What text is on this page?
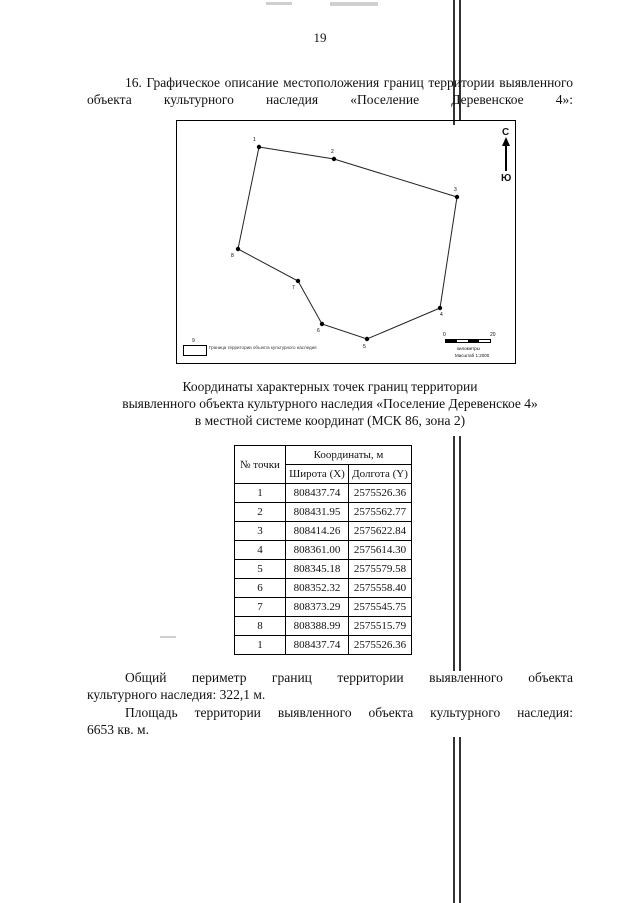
19
16. Графическое описание местоположения границ территории выявленного объекта культурного наследия «Поселение Деревенское 4»:
1
2
3
4
5
6
7
8
С
Ю
9
Граница территории объекта культурного наследия
0	20
километры
Масштаб 1:2000
Координаты характерных точек границ территории
выявленного объекта культурного наследия «Поселение Деревенское 4»
в местной системе координат (МСК 86, зона 2)
№ точки	Координаты, м	
	Широта (X)	Долгота (Y)
1	808437.74	2575526.36
2	808431.95	2575562.77
3	808414.26	2575622.84
4	808361.00	2575614.30
5	808345.18	2575579.58
6	808352.32	2575558.40
7	808373.29	2575545.75
8	808388.99	2575515.79
1	808437.74	2575526.36
Общий периметр границ территории выявленного объекта
культурного наследия: 322,1 м.
Площадь территории выявленного объекта культурного наследия:
6653 кв. м.
